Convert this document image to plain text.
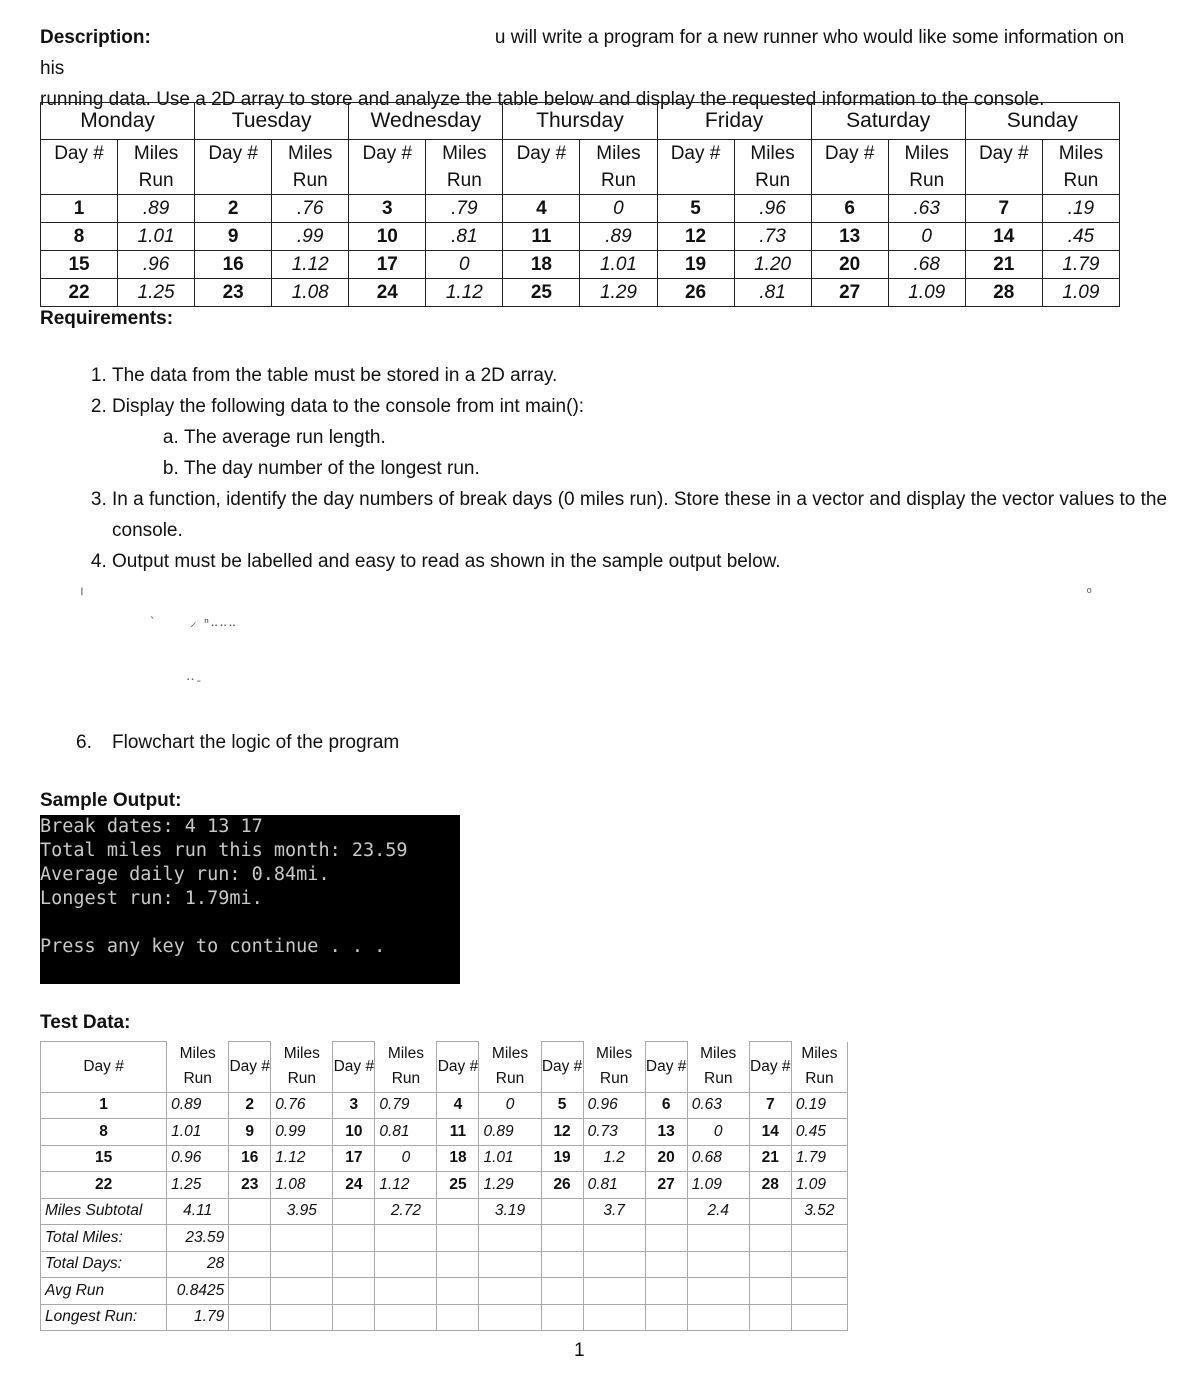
Description:	u will write a program for a new runner who would like some information on his
running data. Use a 2D array to store and analyze the table below and display the requested information to the console.
Monday		Tuesday		Wednesday		Thursday		Friday		Saturday		Sunday	
Day #	Miles	Day #	Miles	Day #	Miles	Day #	Miles	Day #	Miles	Day #	Miles	Day #	Miles
	Run		Run		Run		Run		Run		Run		Run
1	.89	2	.76	3	.79	4	0	5	.96	6	.63	7	.19
8	1.01	9	.99	10	.81	11	.89	12	.73	13	0	14	.45
15	.96	16	1.12	17	0	18	1.01	19	1.20	20	.68	21	1.79
22	1.25	23	1.08	24	1.12	25	1.29	26	.81	27	1.09	28	1.09
Requirements:
1. The data from the table must be stored in a 2D array.
2. Display the following data to the console from int main():
a. The average run length.
b. The day number of the longest run.
3. In a function, identify the day numbers of break days (0 miles run). Store these in a vector and display the vector values to the console.
4. Output must be labelled and easy to read as shown in the sample output below.
╷                                                                                                                                                                                  ₒ
`      ⸝ ⁿ‥‥‥
‥ˍ
6. Flowchart the logic of the program
Sample Output:
Break dates: 4 13 17
Total miles run this month: 23.59
Average daily run: 0.84mi.
Longest run: 1.79mi.
Press any key to continue . . .
Test Data:
Day #	Miles	Day #	Miles	Day #	Miles	Day #	Miles	Day #	Miles	Day #	Miles	Day #	Miles
	Run		Run		Run		Run		Run		Run		Run
1	0.89	2	0.76	3	0.79	4	0	5	0.96	6	0.63	7	0.19
8	1.01	9	0.99	10	0.81	11	0.89	12	0.73	13	0	14	0.45
15	0.96	16	1.12	17	0	18	1.01	19	1.2	20	0.68	21	1.79
22	1.25	23	1.08	24	1.12	25	1.29	26	0.81	27	1.09	28	1.09
Miles Subtotal	4.11		3.95		2.72		3.19		3.7		2.4		3.52
Total Miles:	23.59												
Total Days:	28												
Avg Run	0.8425												
Longest Run:	1.79												
1
